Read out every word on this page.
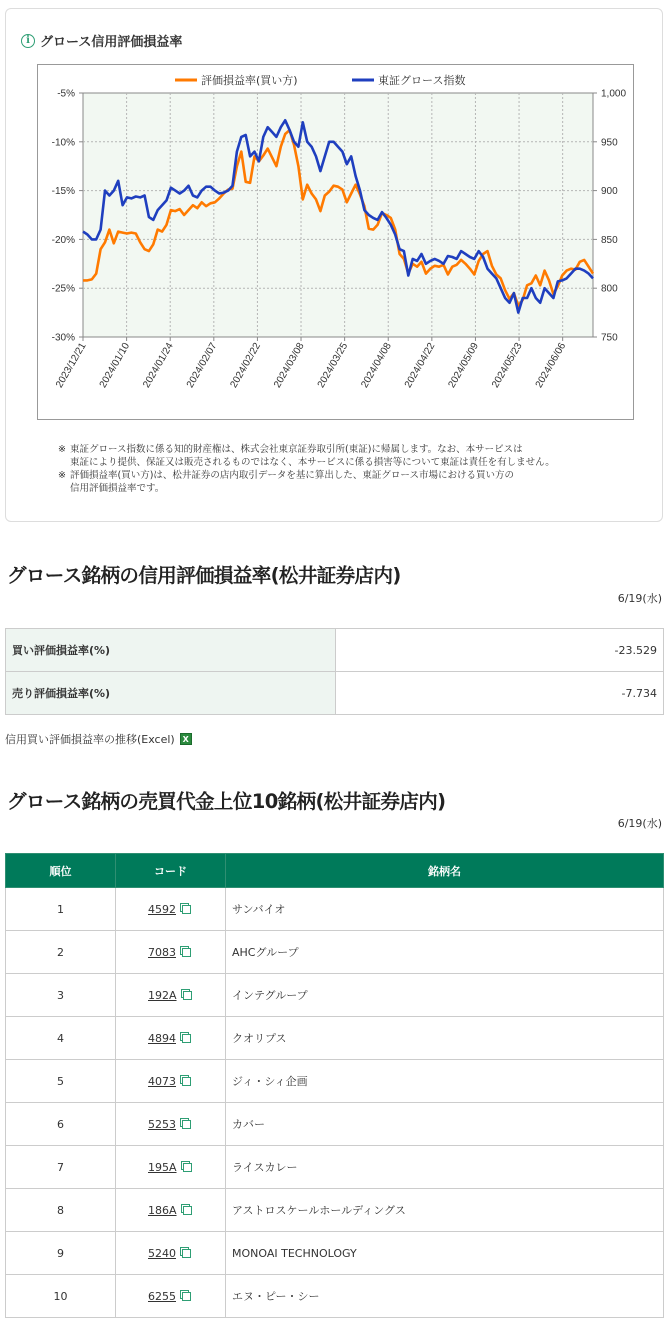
i グロース信用評価損益率
-5%	1,000
-10%	950
-15%	900
-20%	850
-25%	800
-30%	750
2023/12/21 2024/01/10 2024/01/24 2024/02/07 2024/02/22 2024/03/08 2024/03/25 2024/04/08 2024/04/22 2024/05/09 2024/05/23 2024/06/06
評価損益率(買い方)	東証グロース指数

※ 東証グロース指数に係る知的財産権は、株式会社東京証券取引所(東証)に帰属します。なお、本サービスは

東証により提供、保証又は販売されるものではなく、本サービスに係る損害等について東証は責任を有しません。

※ 評価損益率(買い方)は、松井証券の店内取引データを基に算出した、東証グロース市場における買い方の

信用評価損益率です。

グロース銘柄の信用評価損益率(松井証券店内)
6/19(水)
買い評価損益率(%)	-23.529
売り評価損益率(%)	-7.734
信用買い評価損益率の推移(Excel) X
グロース銘柄の売買代金上位10銘柄(松井証券店内)
6/19(水)
順位	コード	銘柄名
1	4592	サンバイオ
2	7083	AHCグループ
3	192A	インテグループ
4	4894	クオリプス
5	4073	ジィ・シィ企画
6	5253	カバー
7	195A	ライスカレー
8	186A	アストロスケールホールディングス
9	5240	MONOAI TECHNOLOGY
10	6255	エヌ・ピー・シー
